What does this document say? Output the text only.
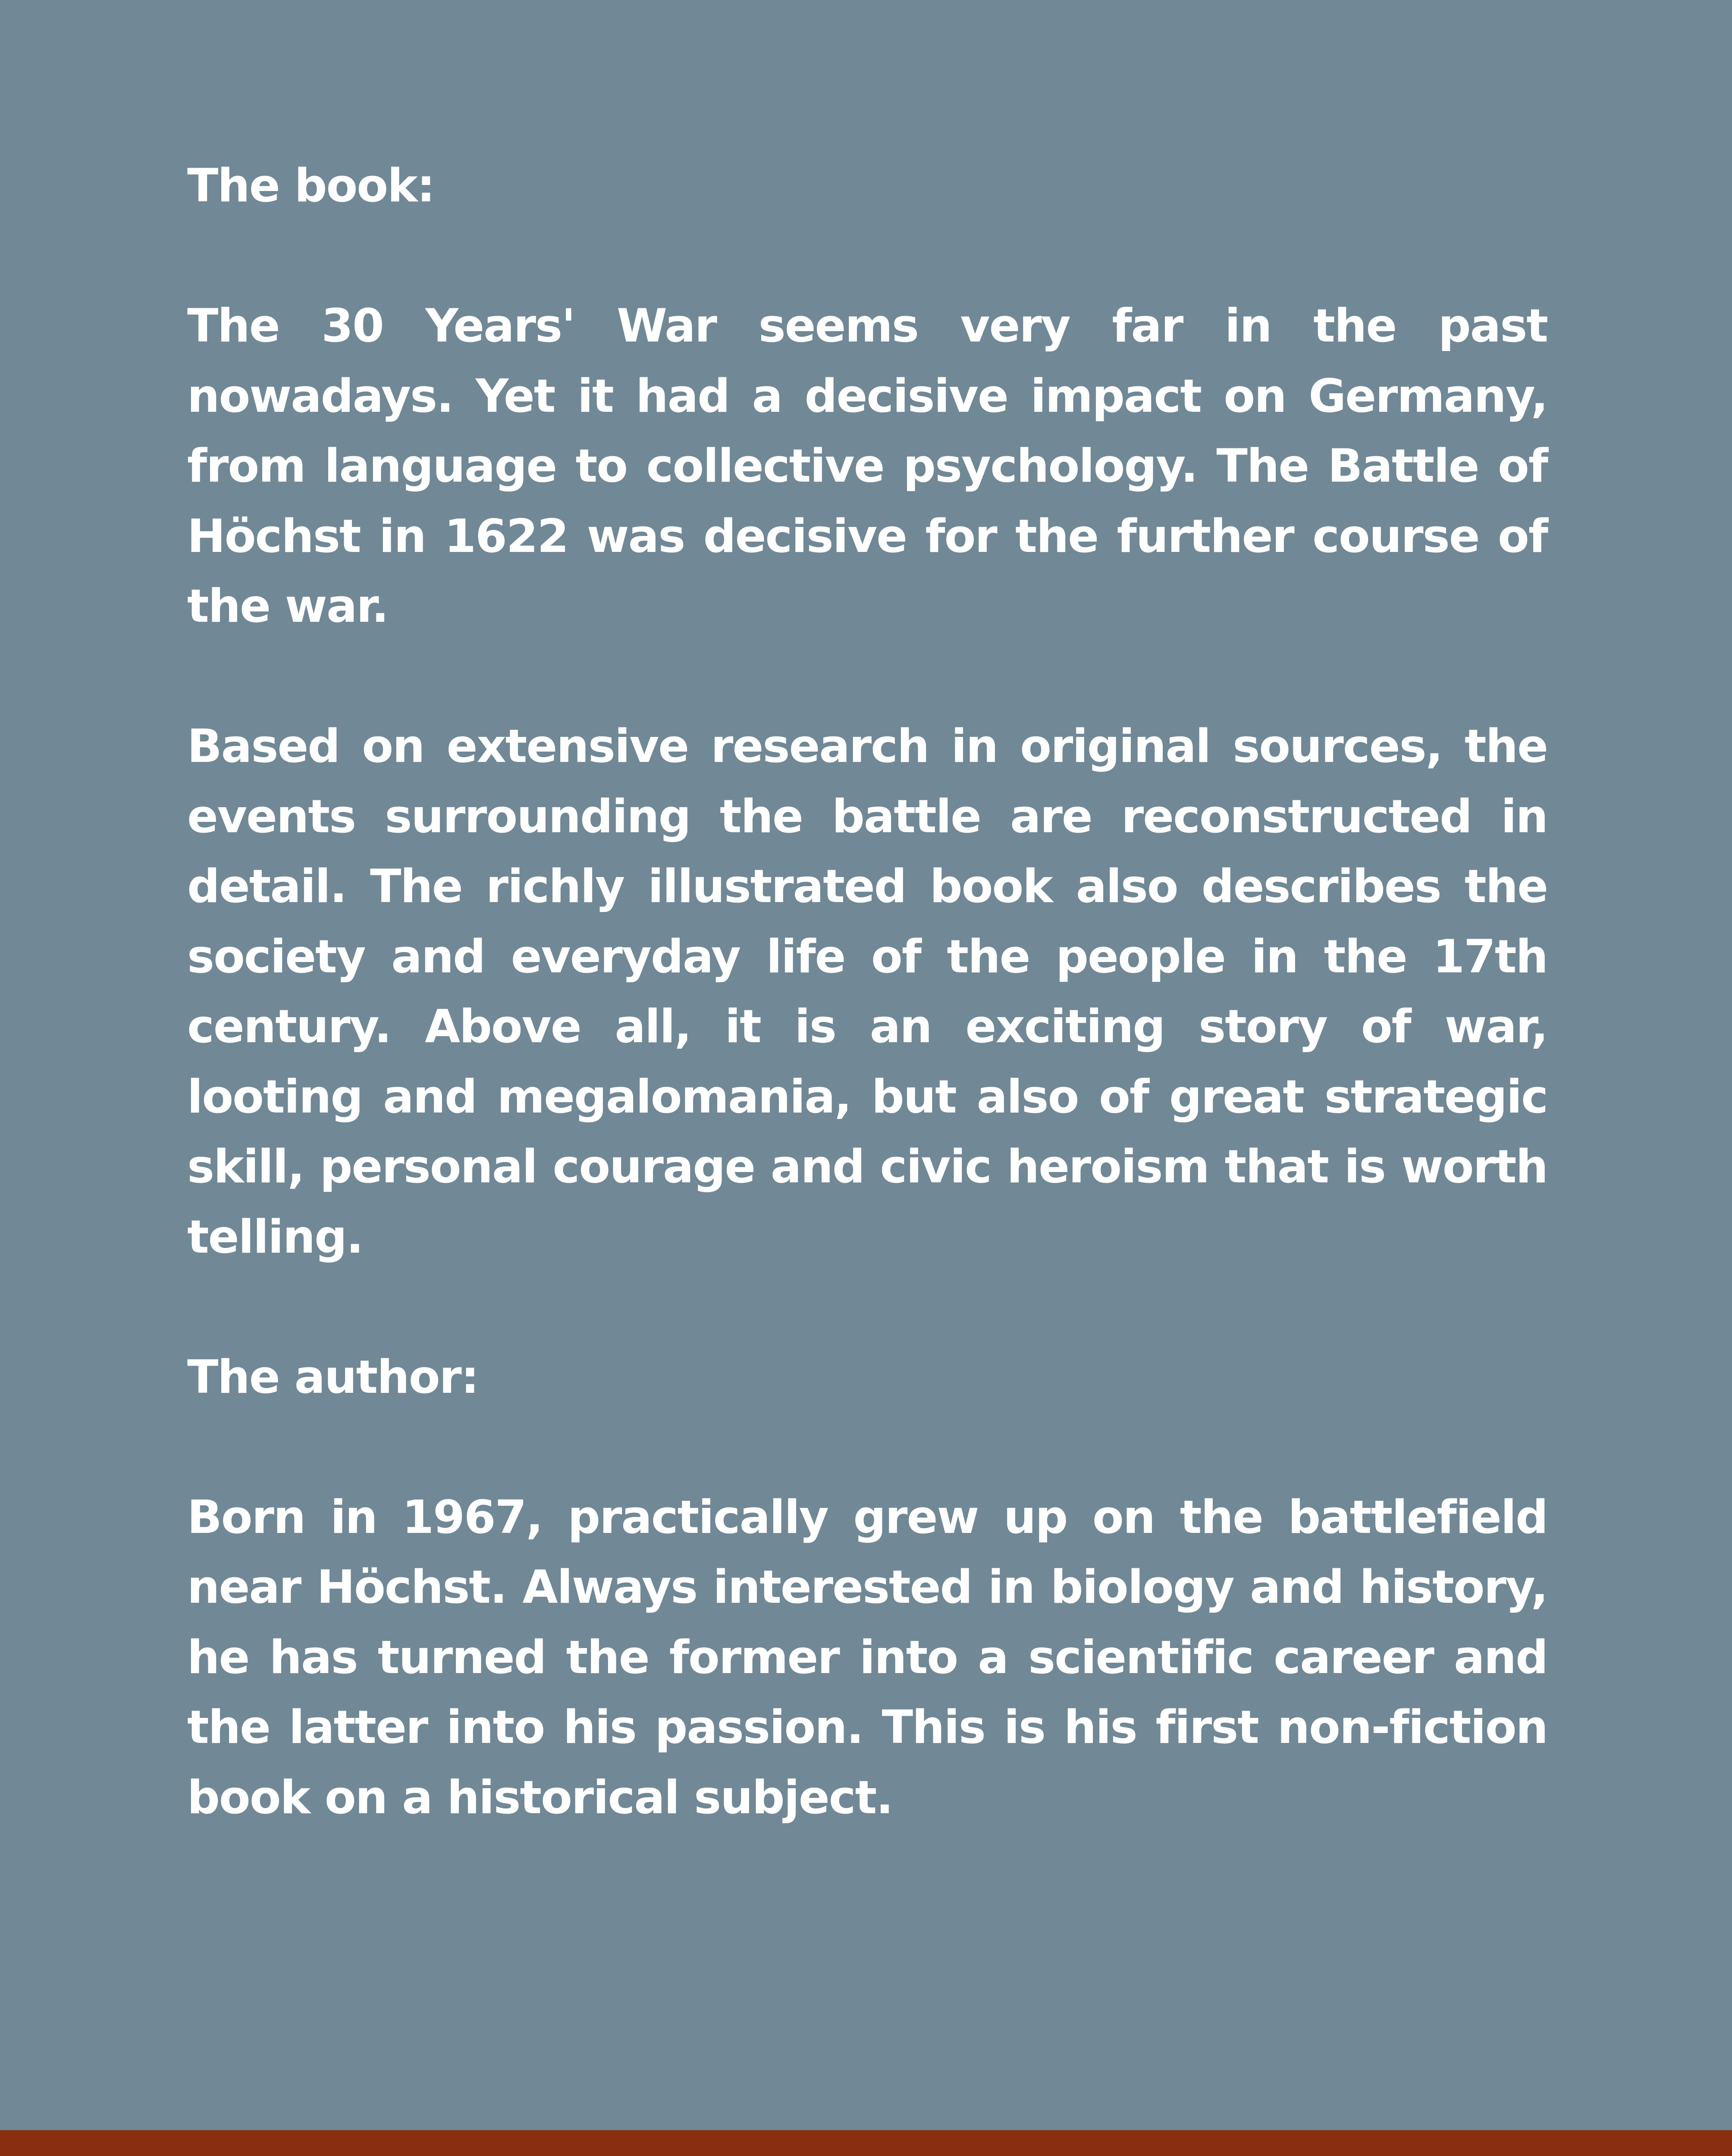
The book:

The 30 Years' War seems very far in the past nowadays. Yet it had a decisive impact on Germany, from language to collective psychology. The Battle of Höchst in 1622 was decisive for the further course of the war.

Based on extensive research in original sources, the events surrounding the battle are reconstructed in detail. The richly illustrated book also describes the society and everyday life of the people in the 17th century. Above all, it is an exciting story of war, looting and megalomania, but also of great strategic skill, personal courage and civic heroism that is worth telling.

The author:

Born in 1967, practically grew up on the battlefield near Höchst. Always interested in biology and history, he has turned the former into a scientific career and the latter into his passion. This is his first non-fiction book on a historical subject.
